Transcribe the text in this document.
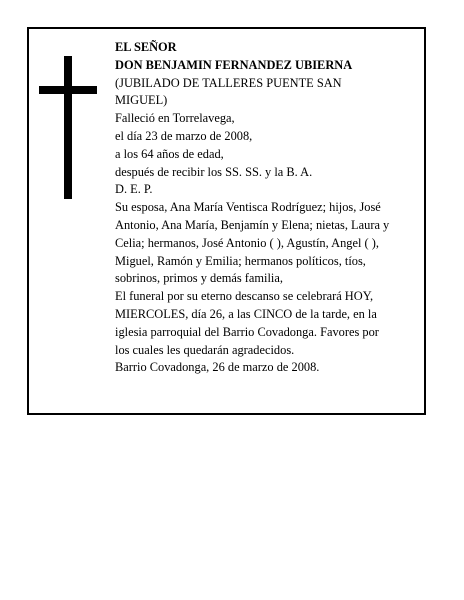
EL SEÑOR
DON BENJAMIN FERNANDEZ UBIERNA
(JUBILADO DE TALLERES PUENTE SAN
MIGUEL)
Falleció en Torrelavega,
el día 23 de marzo de 2008,
a los 64 años de edad,
después de recibir los SS. SS. y la B. A.
D. E. P.
Su esposa, Ana María Ventisca Rodríguez; hijos, José
Antonio, Ana María, Benjamín y Elena; nietas, Laura y
Celia; hermanos, José Antonio ( ), Agustín, Angel ( ),
Miguel, Ramón y Emilia; hermanos políticos, tíos,
sobrinos, primos y demás familia,
El funeral por su eterno descanso se celebrará HOY,
MIERCOLES, día 26, a las CINCO de la tarde, en la
iglesia parroquial del Barrio Covadonga. Favores por
los cuales les quedarán agradecidos.
Barrio Covadonga, 26 de marzo de 2008.
